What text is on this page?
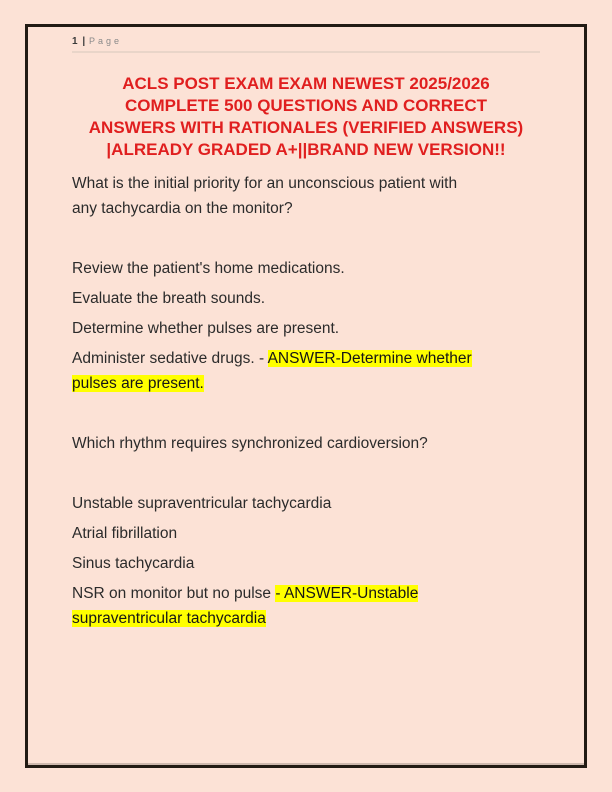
1 | Page
ACLS POST EXAM EXAM NEWEST 2025/2026
COMPLETE 500 QUESTIONS AND CORRECT
ANSWERS WITH RATIONALES (VERIFIED ANSWERS)
|ALREADY GRADED A+||BRAND NEW VERSION!!

What is the initial priority for an unconscious patient with
any tachycardia on the monitor?

Review the patient's home medications.

Evaluate the breath sounds.

Determine whether pulses are present.

Administer sedative drugs. - ANSWER-Determine whether
pulses are present.

Which rhythm requires synchronized cardioversion?

Unstable supraventricular tachycardia

Atrial fibrillation

Sinus tachycardia

NSR on monitor but no pulse - ANSWER-Unstable
supraventricular tachycardia
